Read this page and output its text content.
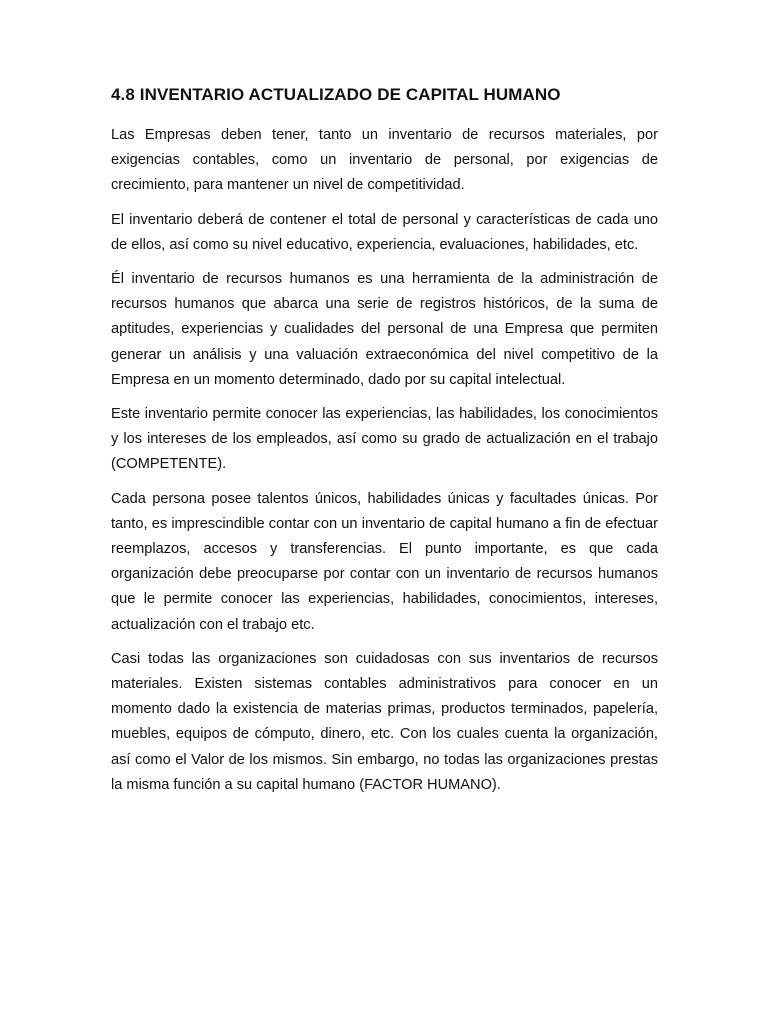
4.8 INVENTARIO ACTUALIZADO DE CAPITAL HUMANO

Las Empresas deben tener, tanto un inventario de recursos materiales, por exigencias contables, como un inventario de personal, por exigencias de crecimiento, para mantener un nivel de competitividad.

El inventario deberá de contener el total de personal y características de cada uno de ellos, así como su nivel educativo, experiencia, evaluaciones, habilidades, etc.

Él inventario de recursos humanos es una herramienta de la administración de recursos humanos que abarca una serie de registros históricos, de la suma de aptitudes, experiencias y cualidades del personal de una Empresa que permiten generar un análisis y una valuación extraeconómica del nivel competitivo de la Empresa en un momento determinado, dado por su capital intelectual.

Este inventario permite conocer las experiencias, las habilidades, los conocimientos y los intereses de los empleados, así como su grado de actualización en el trabajo (COMPETENTE).

Cada persona posee talentos únicos, habilidades únicas y facultades únicas. Por tanto, es imprescindible contar con un inventario de capital humano a fin de efectuar reemplazos, accesos y transferencias. El punto importante, es que cada organización debe preocuparse por contar con un inventario de recursos humanos que le permite conocer las experiencias, habilidades, conocimientos, intereses, actualización con el trabajo etc.

Casi todas las organizaciones son cuidadosas con sus inventarios de recursos materiales. Existen sistemas contables administrativos para conocer en un momento dado la existencia de materias primas, productos terminados, papelería, muebles, equipos de cómputo, dinero, etc. Con los cuales cuenta la organización, así como el Valor de los mismos. Sin embargo, no todas las organizaciones prestas la misma función a su capital humano (FACTOR HUMANO).
